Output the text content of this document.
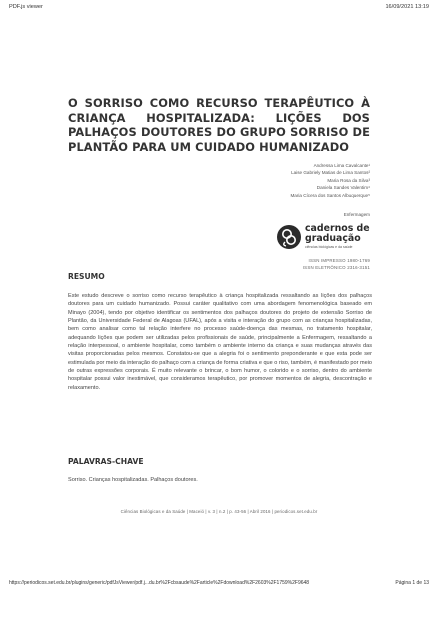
PDF.js viewer	16/09/2021 13:19
O SORRISO COMO RECURSO TERAPÊUTICO À CRIANÇA HOSPITALIZADA: LIÇÕES DOS PALHAÇOS DOUTORES DO GRUPO SORRISO DE PLANTÃO PARA UM CUIDADO HUMANIZADO
Andressa Lima Cavalcante¹
Laise Gabriely Matias de Lima Santos²
Maria Rosa da Silva³
Daniela Sandes Valentim⁴
Maria Cícera dos Santos Albuquerque⁵
Enfermagem
cadernos de
graduação
ciências biológicas e da saúde
ISSN IMPRESSO 1980-1769
ISSN ELETRÔNICO 2316-3151
RESUMO
Este estudo descreve o sorriso como recurso terapêutico à criança hospitalizada ressaltando as lições dos palhaços doutores para um cuidado humanizado. Possui caráter qualitativo com uma abordagem fenomenológica baseado em Minayo (2004), tendo por objetivo identificar os sentimentos dos palhaços doutores do projeto de extensão Sorriso de Plantão, da Universidade Federal de Alagoas (UFAL), após a visita e interação do grupo com as crianças hospitalizadas, bem como analisar como tal relação interfere no processo saúde-doença das mesmas, no tratamento hospitalar, adequando lições que podem ser utilizadas pelos profissionais de saúde, principalmente a Enfermagem, ressaltando a relação interpessoal, o ambiente hospitalar, como também o ambiente interno da criança e suas mudanças através das visitas proporcionadas pelos mesmos. Constatou-se que a alegria foi o sentimento preponderante e que esta pode ser estimulada por meio da interação do palhaço com a criança de forma criativa e que o riso, também, é manifestado por meio de outras expressões corporais. É muito relevante o brincar, o bom humor, o colorido e o sorriso, dentro do ambiente hospitalar possui valor inestimável, que consideramos terapêutico, por promover momentos de alegria, descontração e relaxamento.
PALAVRAS-CHAVE
Sorriso. Crianças hospitalizadas. Palhaços doutores.
Ciências Biológicas e da Saúde | Maceió | v. 3 | n.2 | p. 43-56 | Abril 2016 | periodicos.set.edu.br
https://periodicos.set.edu.br/plugins/generic/pdfJsViewer/pdf.j...du.br%2Fcbsaude%2Farticle%2Fdownload%2F2603%2F1759%2F9648	Página 1 de 13
